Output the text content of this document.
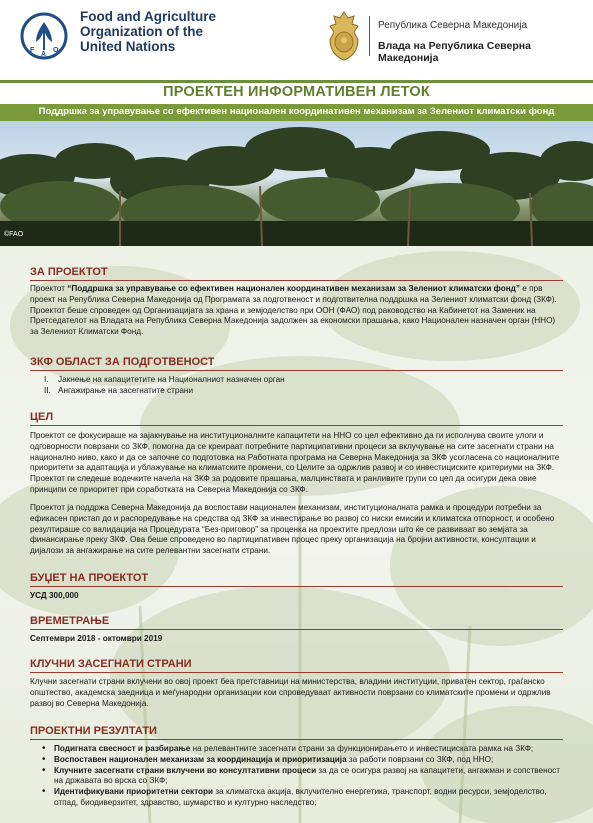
F
A
O
Food and Agriculture Organization of the United Nations
Република Северна Македонија
Влада на Република Северна Македонија
ПРОЕКТЕН ИНФОРМАТИВЕН ЛЕТОК
Поддршка за управување со ефективен национален координативен механизам за Зелениот климатски фонд
©FAO
ЗА ПРОЕКТОТ
Проектот “Поддршка за управување со ефективен национален координативен механизам за Зелениот климатски фонд” е прв проект на Република Северна Македонија од Програмата за подготвеност и подготвителна поддршка на Зелениот климатски фонд (ЗКФ). Проектот беше спроведен од Организацијата за храна и земјоделство при ООН (ФАО) под раководство на Кабинетот на Заменик на Претседателот на Владата на Република Северна Македонија задолжен за економски прашања, како Национален назначен орган (ННО) за Зелениот Климатски Фонд.
ЗКФ ОБЛАСТ ЗА ПОДГОТВЕНОСТ
I. Јакнење на капацитетите на Националниот назначен орган
II. Ангажирање на засегнатите страни
ЦЕЛ
Проектот се фокусираше на зајакнување на институционалните капацитети на ННО со цел ефективно да ги исполнува своите улоги и одговорности поврзани со ЗКФ, помогна да се креираат потребните партиципативни процеси за вклучување на сите засегнати страни на национално ниво, како и да се започне со подготовка на Работната програма на Северна Македонија за ЗКФ усогласена со националните приоритети за адаптација и ублажување на климатските промени, со Целите за одржлив развој и со инвестициските критериуми на ЗКФ. Проектот ги следеше водечките начела на ЗКФ за родовите прашања, малцинствата и ранливите групи со цел да осигури дека овие принципи се приоритет при соработката на Северна Македонија со ЗКФ.
Проектот ја поддржа Северна Македонија да воспостави национален механизам, институционалната рамка и процедури потребни за ефикасен пристап до и распоредување на средства од ЗКФ за инвестирање во развој со ниски емисии и климатска отпорност, и особено резултираше со валидација на Процедурата “Без-приговор” за проценка на проектите предлози што ќе се развиваат во земјата за финансирање преку ЗКФ. Ова беше спроведено во партиципативен процес преку организација на бројни активности, консултации и дијалози за ангажирање на сите релевантни засегнати страни.
БУЏЕТ НА ПРОЕКТОТ
УСД 300,000
ВРЕМЕТРАЊЕ
Септември 2018 - октомври 2019
КЛУЧНИ ЗАСЕГНАТИ СТРАНИ
Клучни засегнати страни вклучени во овој проект беа претставници на министерства, владини институции, приватен сектор, граѓанско општество, академска заедница и меѓународни организации кои спроведуваат активности поврзани со климатските промени и одржлив развој во Северна Македонија.
ПРОЕКТНИ РЕЗУЛТАТИ
• Подигната свесност и разбирање на релевантните засегнати страни за функционирањето и инвестициската рамка на ЗКФ;
• Воспоставен национален механизам за координација и приоритизација за работи поврзани со ЗКФ, под ННО;
• Клучните засегнати страни вклучени во консултативни процеси за да се осигура развој на капацитети, ангажман и сопственост на државата во врска со ЗКФ;
• Идентификувани приоритетни сектори за климатска акција, вклучително енергетика, транспорт, водни ресурси, земјоделство, отпад, биодиверзитет, здравство, шумарство и културно наследство;
